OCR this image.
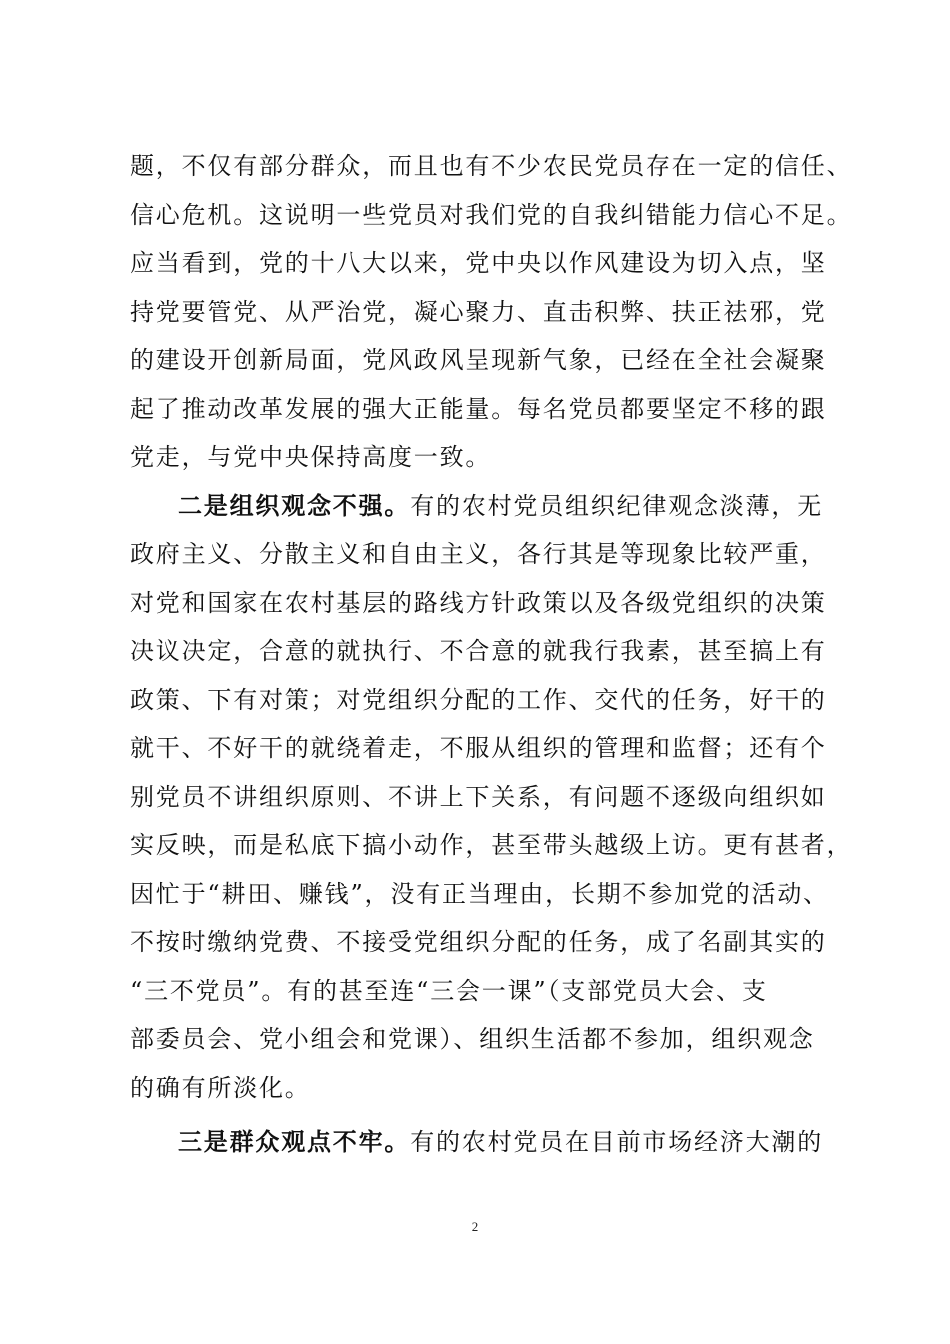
题，不仅有部分群众，而且也有不少农民党员存在一定的信任、
信心危机。这说明一些党员对我们党的自我纠错能力信心不足。
应当看到，党的十八大以来，党中央以作风建设为切入点，坚
持党要管党、从严治党，凝心聚力、直击积弊、扶正祛邪，党
的建设开创新局面，党风政风呈现新气象，已经在全社会凝聚
起了推动改革发展的强大正能量。每名党员都要坚定不移的跟
党走，与党中央保持高度一致。
二是组织观念不强。有的农村党员组织纪律观念淡薄，无
政府主义、分散主义和自由主义，各行其是等现象比较严重，
对党和国家在农村基层的路线方针政策以及各级党组织的决策
决议决定，合意的就执行、不合意的就我行我素，甚至搞上有
政策、下有对策；对党组织分配的工作、交代的任务，好干的
就干、不好干的就绕着走，不服从组织的管理和监督；还有个
别党员不讲组织原则、不讲上下关系，有问题不逐级向组织如
实反映，而是私底下搞小动作，甚至带头越级上访。更有甚者，
因忙于“耕田、赚钱”，没有正当理由，长期不参加党的活动、
不按时缴纳党费、不接受党组织分配的任务，成了名副其实的
“三不党员”。有的甚至连“三会一课”（支部党员大会、支
部委员会、党小组会和党课）、组织生活都不参加，组织观念
的确有所淡化。
三是群众观点不牢。有的农村党员在目前市场经济大潮的
2
